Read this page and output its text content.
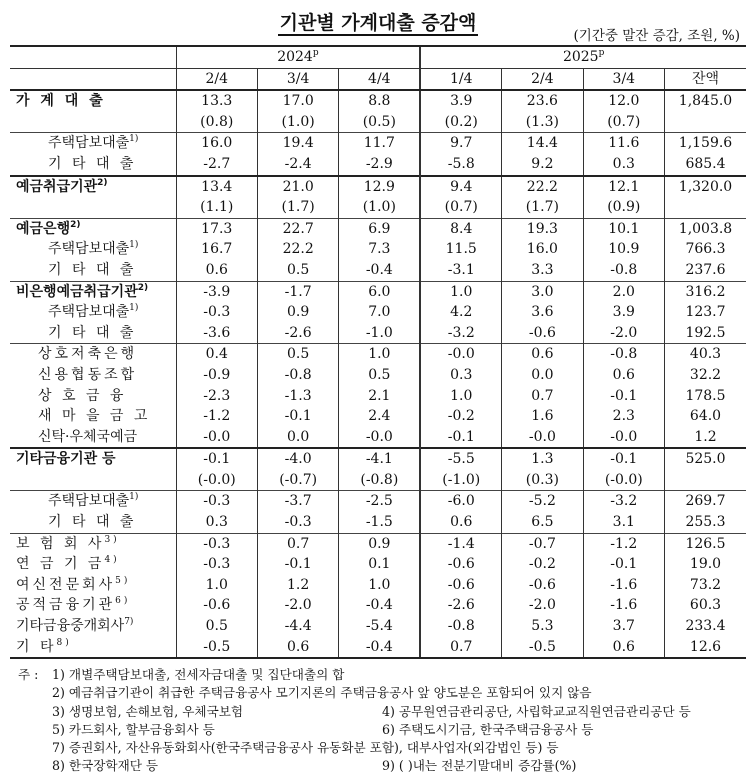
기관별 가계대출 증감액
(기간중 말잔 증감, 조원, %)
	2024$^p$			2025$^p$
	2/4	3/4	4/4	1/4	2/4	3/4	잔액
가 계 대 출	13.3	17.0	8.8	3.9	23.6	12.0	1,845.0
	(0.8)	(1.0)	(0.5)	(0.2)	(1.3)	(0.7)	
주택담보대출$^{1)}$	16.0	19.4	11.7	9.7	14.4	11.6	1,159.6
기 타 대 출	-2.7	-2.4	-2.9	-5.8	9.2	0.3	685.4
예금취급기관$^{2)}$	13.4	21.0	12.9	9.4	22.2	12.1	1,320.0
	(1.1)	(1.7)	(1.0)	(0.7)	(1.7)	(0.9)	
예금은행$^{2)}$	17.3	22.7	6.9	8.4	19.3	10.1	1,003.8
주택담보대출$^{1)}$	16.7	22.2	7.3	11.5	16.0	10.9	766.3
기 타 대 출	0.6	0.5	-0.4	-3.1	3.3	-0.8	237.6
비은행예금취급기관$^{2)}$	-3.9	-1.7	6.0	1.0	3.0	2.0	316.2
주택담보대출$^{1)}$	-0.3	0.9	7.0	4.2	3.6	3.9	123.7
기 타 대 출	-3.6	-2.6	-1.0	-3.2	-0.6	-2.0	192.5
상호저축은행	0.4	0.5	1.0	-0.0	0.6	-0.8	40.3
신용협동조합	-0.9	-0.8	0.5	0.3	0.0	0.6	32.2
상 호 금 융	-2.3	-1.3	2.1	1.0	0.7	-0.1	178.5
새 마 을 금 고	-1.2	-0.1	2.4	-0.2	1.6	2.3	64.0
신탁·우체국예금	-0.0	0.0	-0.0	-0.1	-0.0	-0.0	1.2
기타금융기관 등	-0.1	-4.0	-4.1	-5.5	1.3	-0.1	525.0
	(-0.0)	(-0.7)	(-0.8)	(-1.0)	(0.3)	(-0.0)	
주택담보대출$^{1)}$	-0.3	-3.7	-2.5	-6.0	-5.2	-3.2	269.7
기 타 대 출	0.3	-0.3	-1.5	0.6	6.5	3.1	255.3
보 험 회 사$^{3)}$	-0.3	0.7	0.9	-1.4	-0.7	-1.2	126.5
연 금 기 금$^{4)}$	-0.3	-0.1	0.1	-0.6	-0.2	-0.1	19.0
여신전문회사$^{5)}$	1.0	1.2	1.0	-0.6	-0.6	-1.6	73.2
공적금융기관$^{6)}$	-0.6	-2.0	-0.4	-2.6	-2.0	-1.6	60.3
기타금융중개회사$^{7)}$	0.5	-4.4	-5.4	-0.8	5.3	3.7	233.4
기 타$^{8)}$	-0.5	0.6	-0.4	0.7	-0.5	0.6	12.6
주 : 1) 개별주택담보대출, 전세자금대출 및 집단대출의 합
2) 예금취급기관이 취급한 주택금융공사 모기지론의 주택금융공사 앞 양도분은 포함되어 있지 않음
3) 생명보험, 손해보험, 우체국보험	4) 공무원연금관리공단, 사립학교교직원연금관리공단 등
5) 카드회사, 할부금융회사 등	6) 주택도시기금, 한국주택금융공사 등
7) 증권회사, 자산유동화회사(한국주택금융공사 유동화분 포함), 대부사업자(외감법인 등) 등
8) 한국장학재단 등	9) ( )내는 전분기말대비 증감률(%)
